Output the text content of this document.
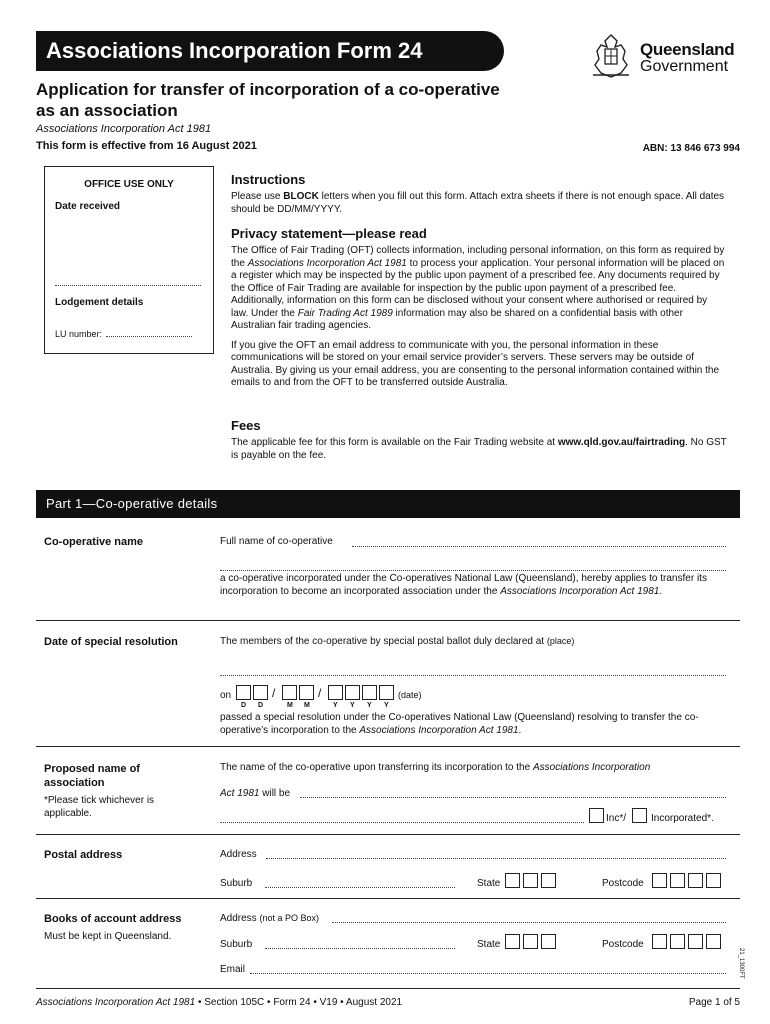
Associations Incorporation Form 24	Queensland
Government
Application for transfer of incorporation of a co-operative as an association
Associations Incorporation Act 1981
This form is effective from 16 August 2021	ABN: 13 846 673 994
OFFICE USE ONLY
Date received
Lodgement details
LU number:
Instructions
Please use BLOCK letters when you fill out this form. Attach extra sheets if there is not enough space. All dates should be DD/MM/YYYY.
Privacy statement—please read
The Office of Fair Trading (OFT) collects information, including personal information, on this form as required by the Associations Incorporation Act 1981 to process your application. Your personal information will be placed on a register which may be inspected by the public upon payment of a prescribed fee. Any documents required by the Office of Fair Trading are available for inspection by the public upon payment of a prescribed fee. Additionally, information on this form can be disclosed without your consent where authorised or required by law. Under the Fair Trading Act 1989 information may also be shared on a confidential basis with other Australian fair trading agencies.
If you give the OFT an email address to communicate with you, the personal information in these communications will be stored on your email service provider’s servers. These servers may be outside of Australia. By giving us your email address, you are consenting to the personal information contained within the emails to and from the OFT to be transferred outside Australia.
Fees
The applicable fee for this form is available on the Fair Trading website at www.qld.gov.au/fairtrading. No GST is payable on the fee.
Part 1—Co-operative details
Co-operative name	Full name of co-operative
a co-operative incorporated under the Co-operatives National Law (Queensland), hereby applies to transfer its incorporation to become an incorporated association under the Associations Incorporation Act 1981.
Date of special resolution	The members of the co-operative by special postal ballot duly declared at (place)
on	/	/	(date)
D D	M M	Y Y Y Y
passed a special resolution under the Co-operatives National Law (Queensland) resolving to transfer the co-operative’s incorporation to the Associations Incorporation Act 1981.
Proposed name of association
*Please tick whichever is applicable.
The name of the co-operative upon transferring its incorporation to the Associations Incorporation
Act 1981 will be
Inc*/ Incorporated*.
Postal address	Address
Suburb	State	Postcode
Books of account address
Must be kept in Queensland.
Address (not a PO Box)
Suburb	State	Postcode
Email	21_1300FT
Associations Incorporation Act 1981 • Section 105C • Form 24 • V19 • August 2021	Page 1 of 5
